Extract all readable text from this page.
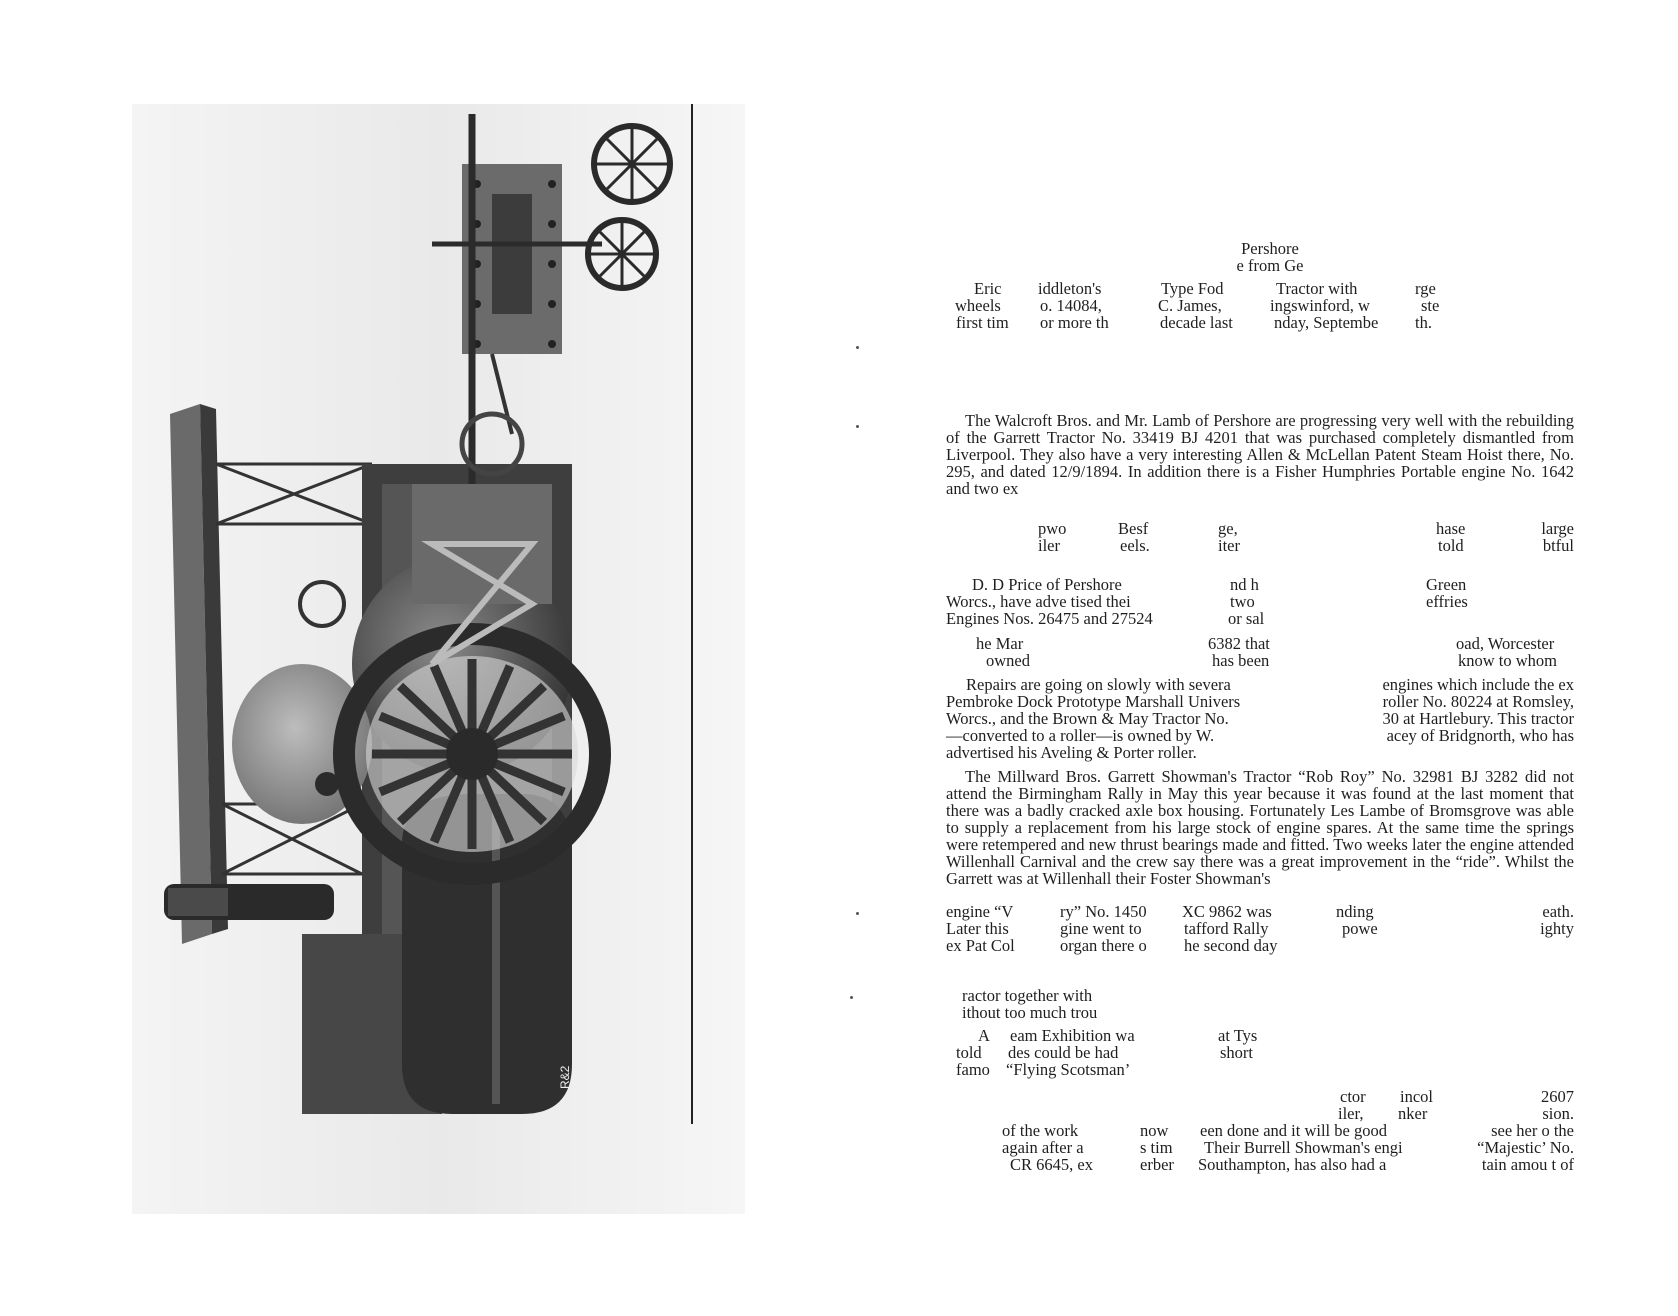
R&2
Pershore
e from Ge
Eric
wheels
first tim
iddleton's
o. 14084,
or more th
Type Fod
C. James,
decade last
Tractor with
ingswinford, w
nday, Septembe
rge
ste
th.

The Walcroft Bros. and Mr. Lamb of Pershore are progressing very well with the rebuilding of the Garrett Tractor No. 33419 BJ 4201 that was purchased completely dismantled from Liverpool. They also have a very interesting Allen & McLellan Patent Steam Hoist there, No. 295, and dated 12/9/1894. In addition there is a Fisher Humphries Portable engine No. 1642 and two ex

pwo
iler
Besf
eels.
ge,
iter
hase
told
large
btful
D. D Price of Pershore
Worcs., have adve tised thei
Engines Nos. 26475 and 27524
nd h
two
or sal
Green
effries
he Mar
owned
6382 that
has been
oad, Worcester
know to whom
Repairs are going on slowly with severa
Pembroke Dock Prototype Marshall Univers
Worcs., and the Brown & May Tractor No.
—converted to a roller—is owned by W.
advertised his Aveling & Porter roller.
engines which include the ex
roller No. 80224 at Romsley,
30 at Hartlebury. This tractor
acey of Bridgnorth, who has

The Millward Bros. Garrett Showman's Tractor “Rob Roy” No. 32981 BJ 3282 did not attend the Birmingham Rally in May this year because it was found at the last moment that there was a badly cracked axle box housing. Fortunately Les Lambe of Bromsgrove was able to supply a replacement from his large stock of engine spares. At the same time the springs were retempered and new thrust bearings made and fitted. Two weeks later the engine attended Willenhall Carnival and the crew say there was a great improvement in the “ride”. Whilst the Garrett was at Willenhall their Foster Showman's

engine “V
Later this
ex Pat Col
ry” No. 1450
gine went to
organ there o
XC 9862 was
tafford Rally
he second day
nding
powe
eath.
ighty
ractor together with
ithout too much trou
A
told
famo
eam Exhibition wa
des could be had
“Flying Scotsman’
at Tys
short
ctor
iler,
incol
nker
2607
sion.
of the work
again after a
CR 6645, ex
now
s tim
erber
een done and it will be good
Their Burrell Showman's engi
Southampton, has also had a
see her o the
“Majestic’ No.
tain amou t of
